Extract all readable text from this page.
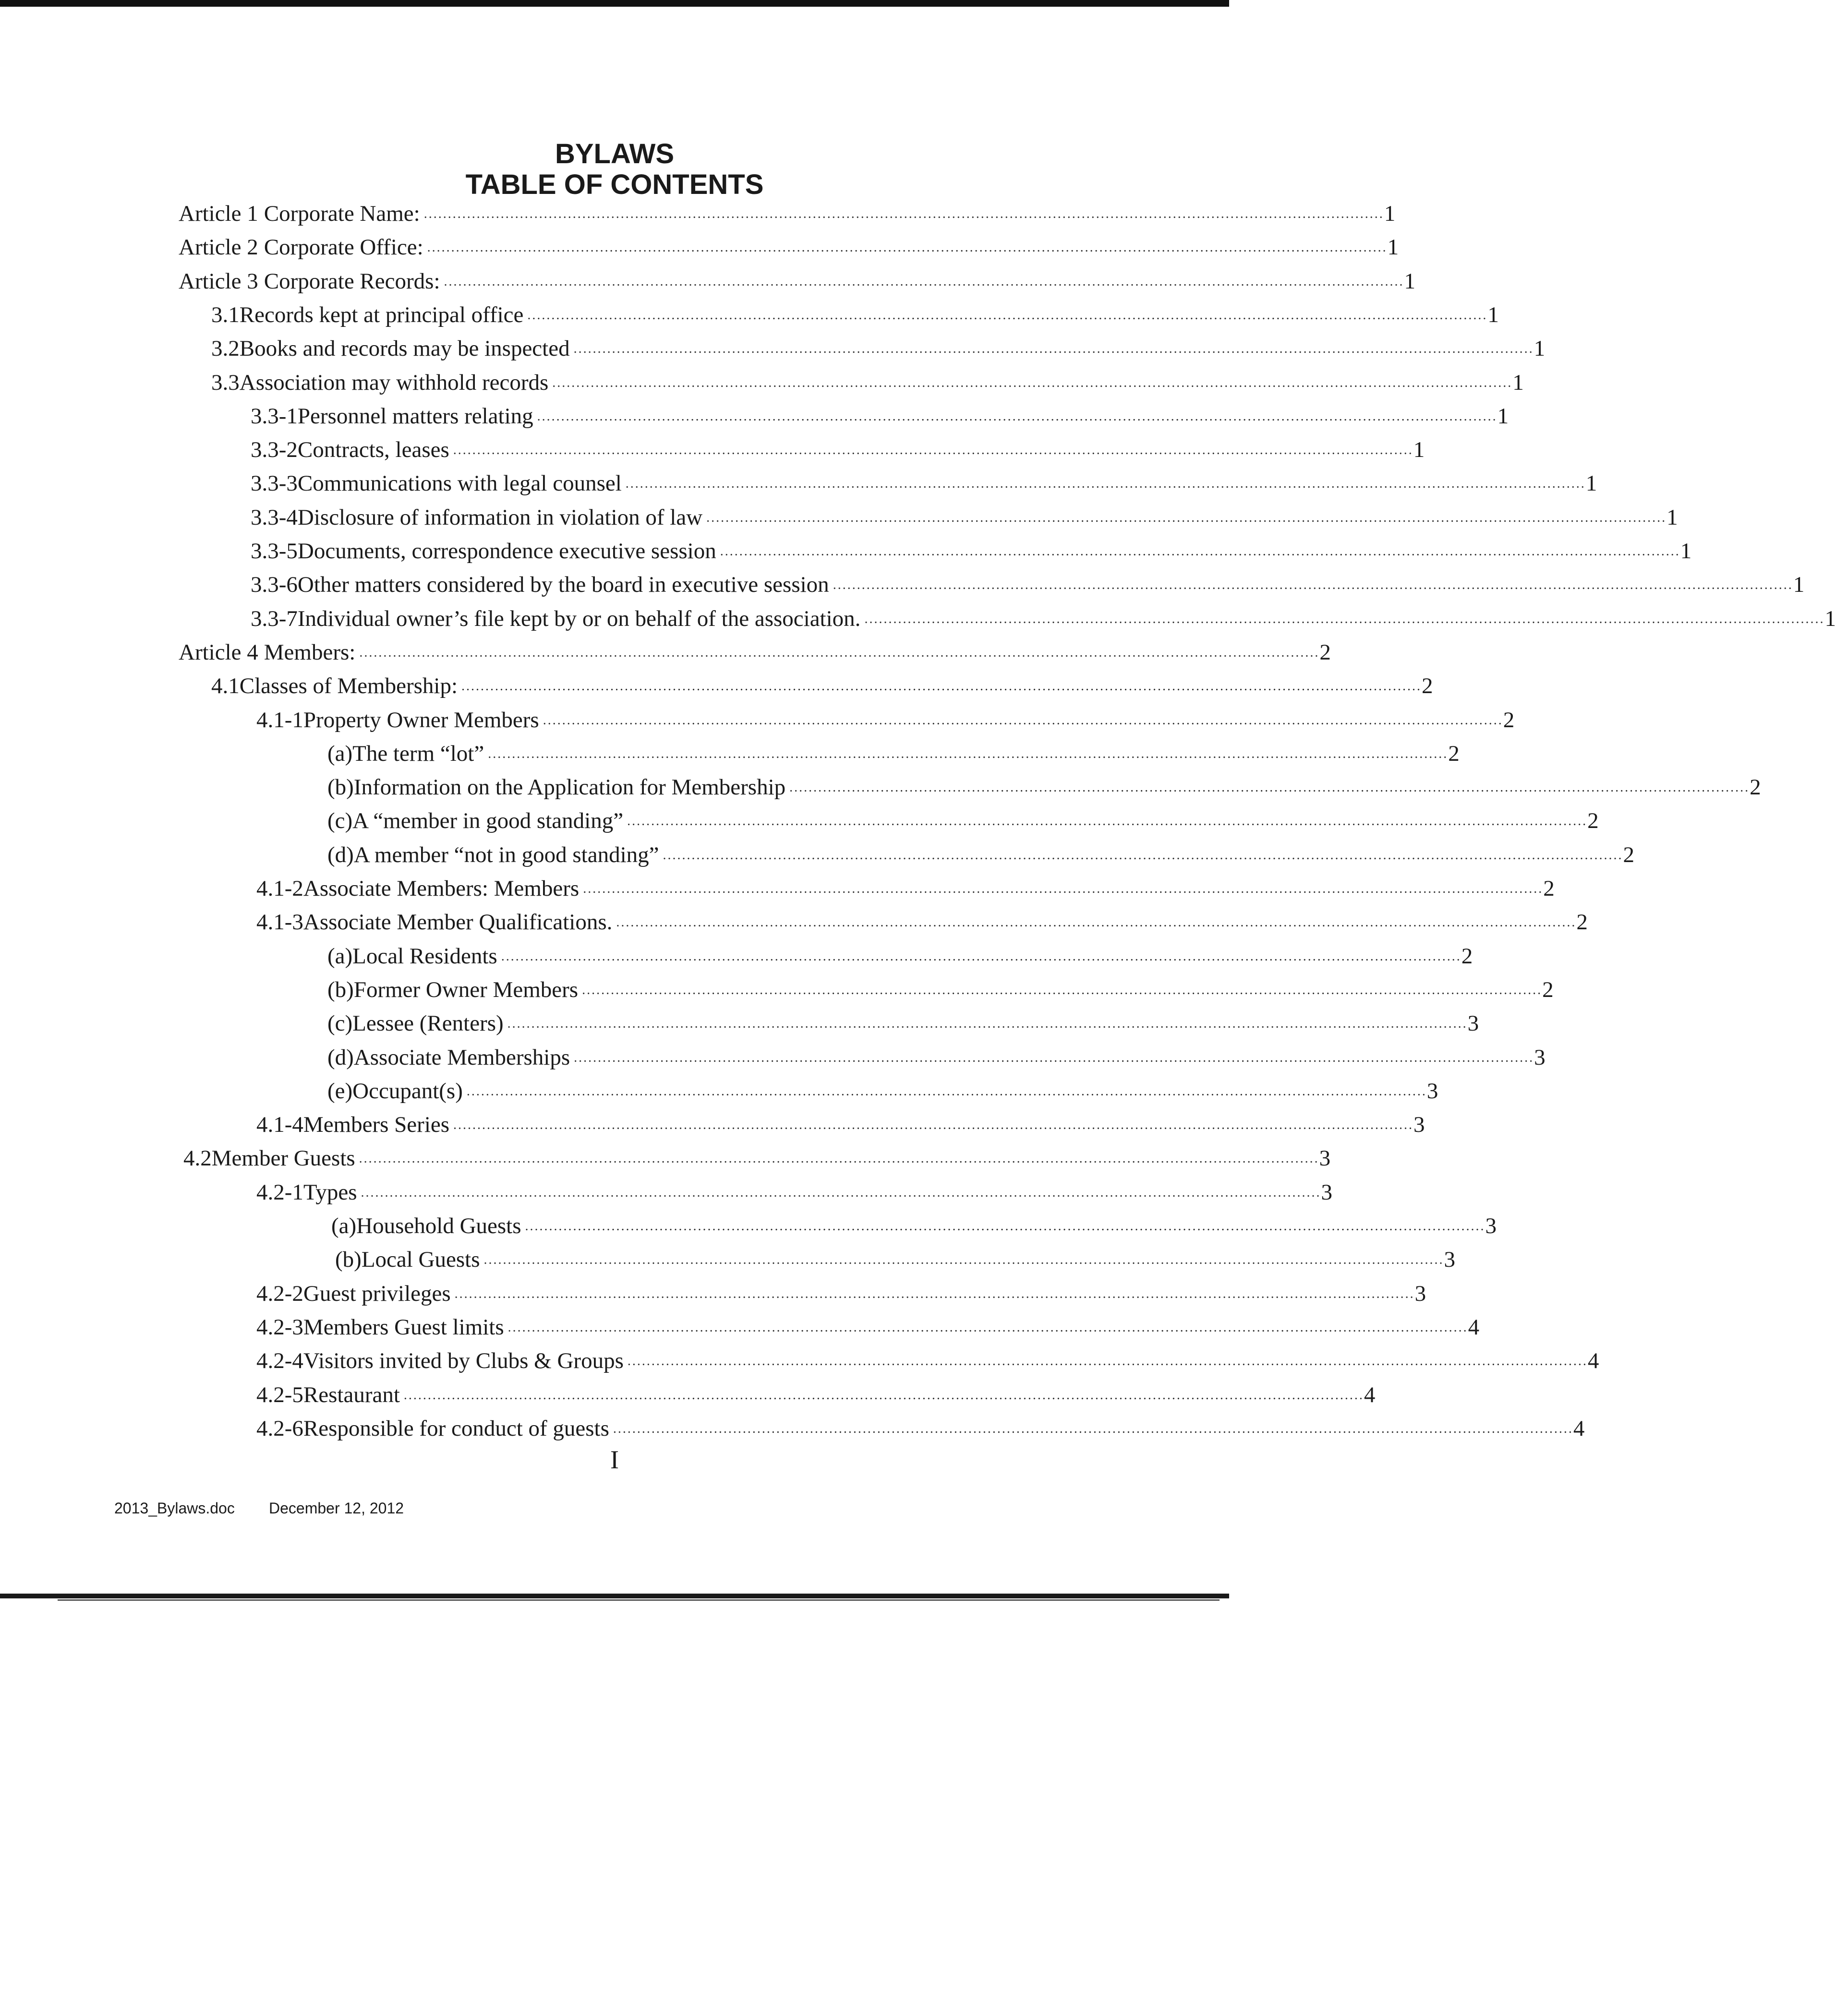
BYLAWS
TABLE OF CONTENTS
Article 1 Corporate Name: ........................................................................................................................................................................................................ 1
Article 2 Corporate Office: ........................................................................................................................................................................................................ 1
Article 3 Corporate Records: ........................................................................................................................................................................................................ 1
3.1 Records kept at principal office ........................................................................................................................................................................................................ 1
3.2 Books and records may be inspected ........................................................................................................................................................................................................ 1
3.3 Association may withhold records ........................................................................................................................................................................................................ 1
3.3-1 Personnel matters relating ........................................................................................................................................................................................................ 1
3.3-2 Contracts, leases ........................................................................................................................................................................................................ 1
3.3-3 Communications with legal counsel ........................................................................................................................................................................................................ 1
3.3-4 Disclosure of information in violation of law ........................................................................................................................................................................................................ 1
3.3-5 Documents, correspondence executive session ........................................................................................................................................................................................................ 1
3.3-6 Other matters considered by the board in executive session ........................................................................................................................................................................................................ 1
3.3-7 Individual owner’s file kept by or on behalf of the association. ........................................................................................................................................................................................................ 1
Article 4 Members: ........................................................................................................................................................................................................ 2
4.1 Classes of Membership: ........................................................................................................................................................................................................ 2
4.1-1 Property Owner Members ........................................................................................................................................................................................................ 2
(a) The term “lot” ........................................................................................................................................................................................................ 2
(b) Information on the Application for Membership ........................................................................................................................................................................................................ 2
(c) A “member in good standing” ........................................................................................................................................................................................................ 2
(d) A member “not in good standing” ........................................................................................................................................................................................................ 2
4.1-2 Associate Members: Members ........................................................................................................................................................................................................ 2
4.1-3 Associate Member Qualifications. ........................................................................................................................................................................................................ 2
(a) Local Residents ........................................................................................................................................................................................................ 2
(b) Former Owner Members ........................................................................................................................................................................................................ 2
(c) Lessee (Renters) ........................................................................................................................................................................................................ 3
(d) Associate Memberships ........................................................................................................................................................................................................ 3
(e) Occupant(s) ........................................................................................................................................................................................................ 3
4.1-4 Members Series ........................................................................................................................................................................................................ 3
4.2 Member Guests ........................................................................................................................................................................................................ 3
4.2-1 Types ........................................................................................................................................................................................................ 3
(a) Household Guests ........................................................................................................................................................................................................ 3
(b) Local Guests ........................................................................................................................................................................................................ 3
4.2-2 Guest privileges ........................................................................................................................................................................................................ 3
4.2-3 Members Guest limits ........................................................................................................................................................................................................ 4
4.2-4 Visitors invited by Clubs & Groups ........................................................................................................................................................................................................ 4
4.2-5 Restaurant ........................................................................................................................................................................................................ 4
4.2-6 Responsible for conduct of guests ........................................................................................................................................................................................................ 4
I
2013_Bylaws.doc December 12, 2012
